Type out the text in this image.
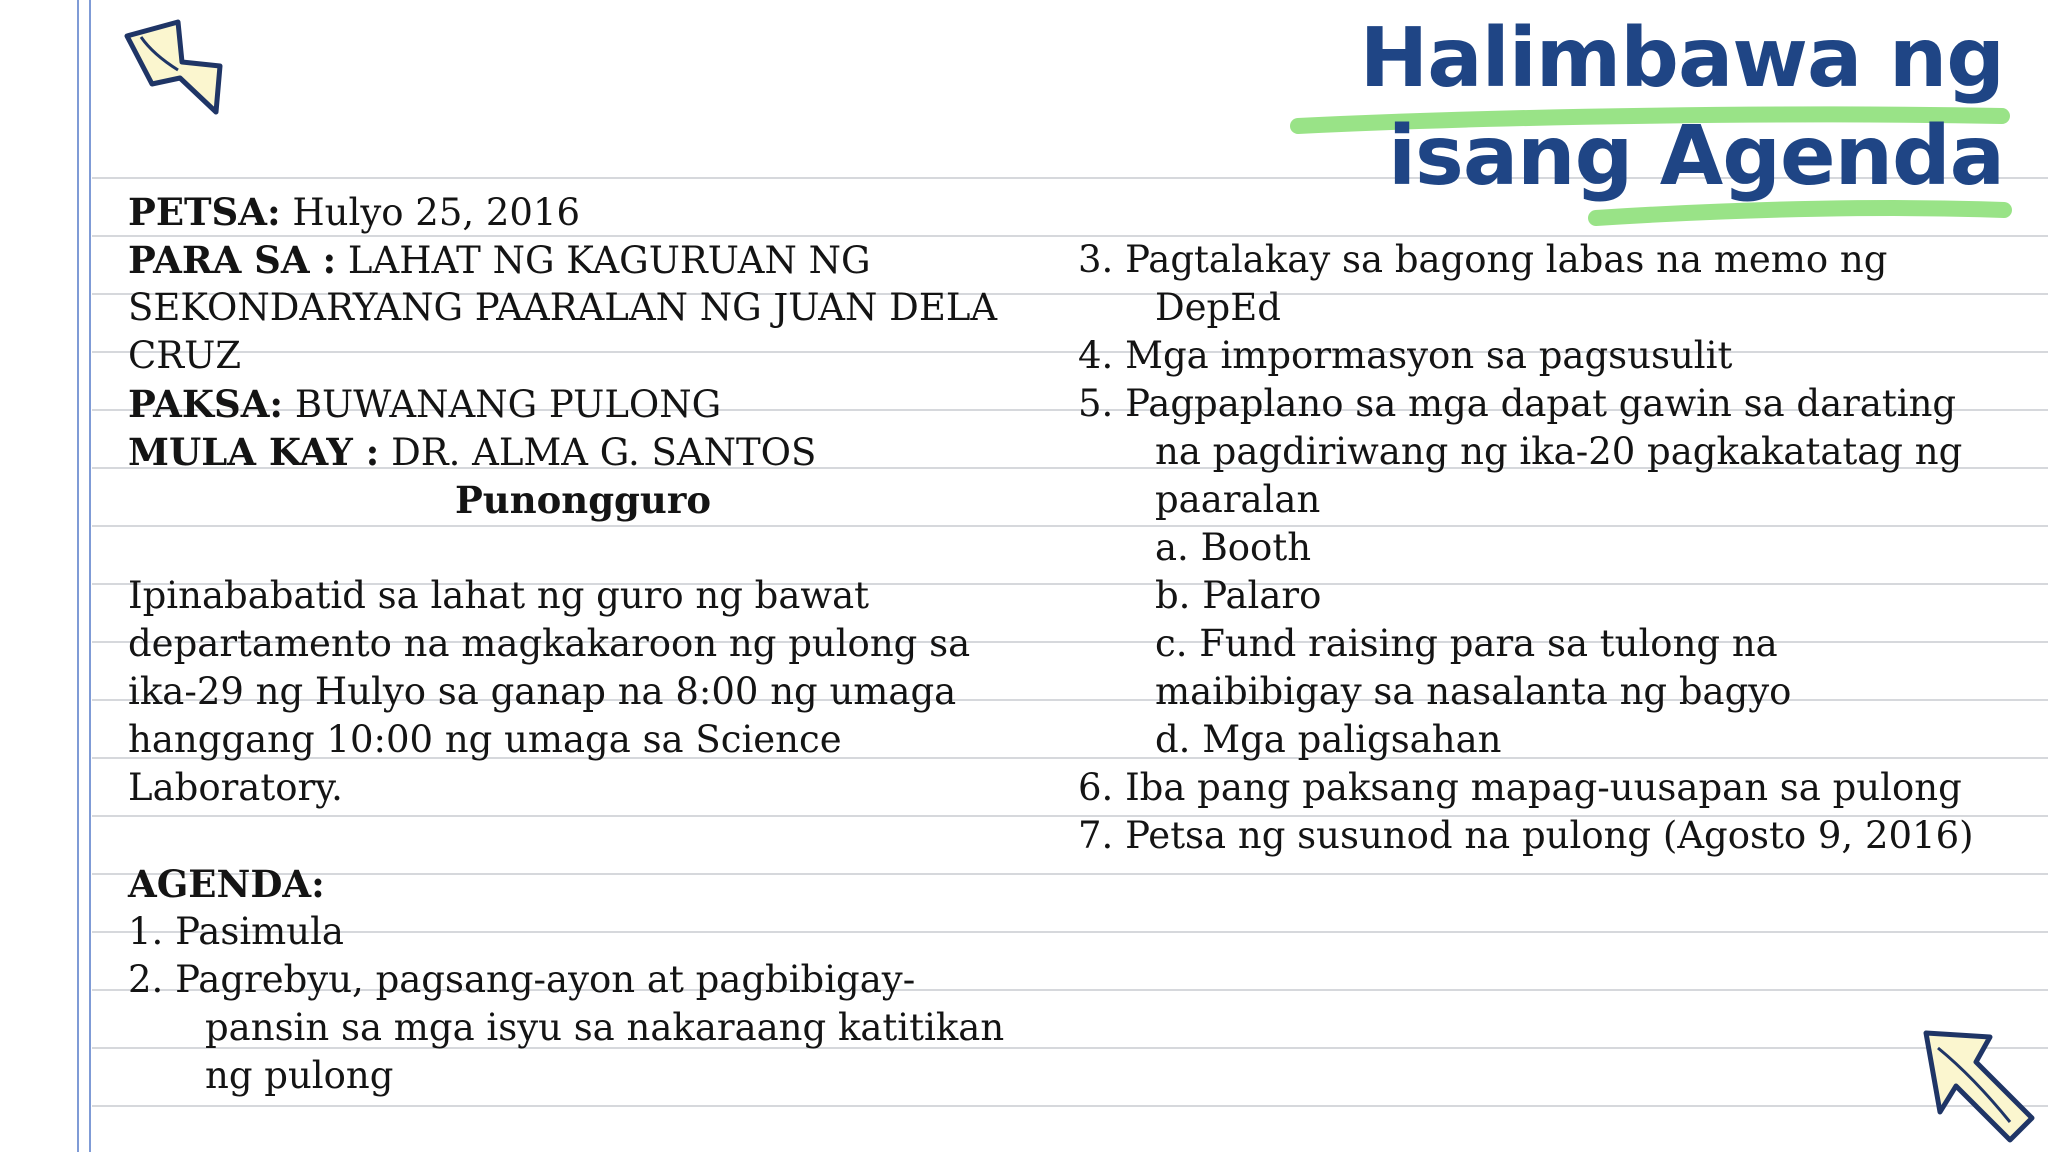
Halimbawa ng
isang Agenda
PETSA: Hulyo 25, 2016
PARA SA : LAHAT NG KAGURUAN NG
SEKONDARYANG PAARALAN NG JUAN DELA
CRUZ
PAKSA: BUWANANG PULONG
MULA KAY : DR. ALMA G. SANTOS
Punongguro
Ipinababatid sa lahat ng guro ng bawat
departamento na magkakaroon ng pulong sa
ika-29 ng Hulyo sa ganap na 8:00 ng umaga
hanggang 10:00 ng umaga sa Science
Laboratory.
AGENDA:
1. Pasimula
2. Pagrebyu, pagsang-ayon at pagbibigay-
pansin sa mga isyu sa nakaraang katitikan
ng pulong
3. Pagtalakay sa bagong labas na memo ng
DepEd
4. Mga impormasyon sa pagsusulit
5. Pagpaplano sa mga dapat gawin sa darating
na pagdiriwang ng ika-20 pagkakatatag ng
paaralan
a. Booth
b. Palaro
c. Fund raising para sa tulong na
maibibigay sa nasalanta ng bagyo
d. Mga paligsahan
6. Iba pang paksang mapag-uusapan sa pulong
7. Petsa ng susunod na pulong (Agosto 9, 2016)
